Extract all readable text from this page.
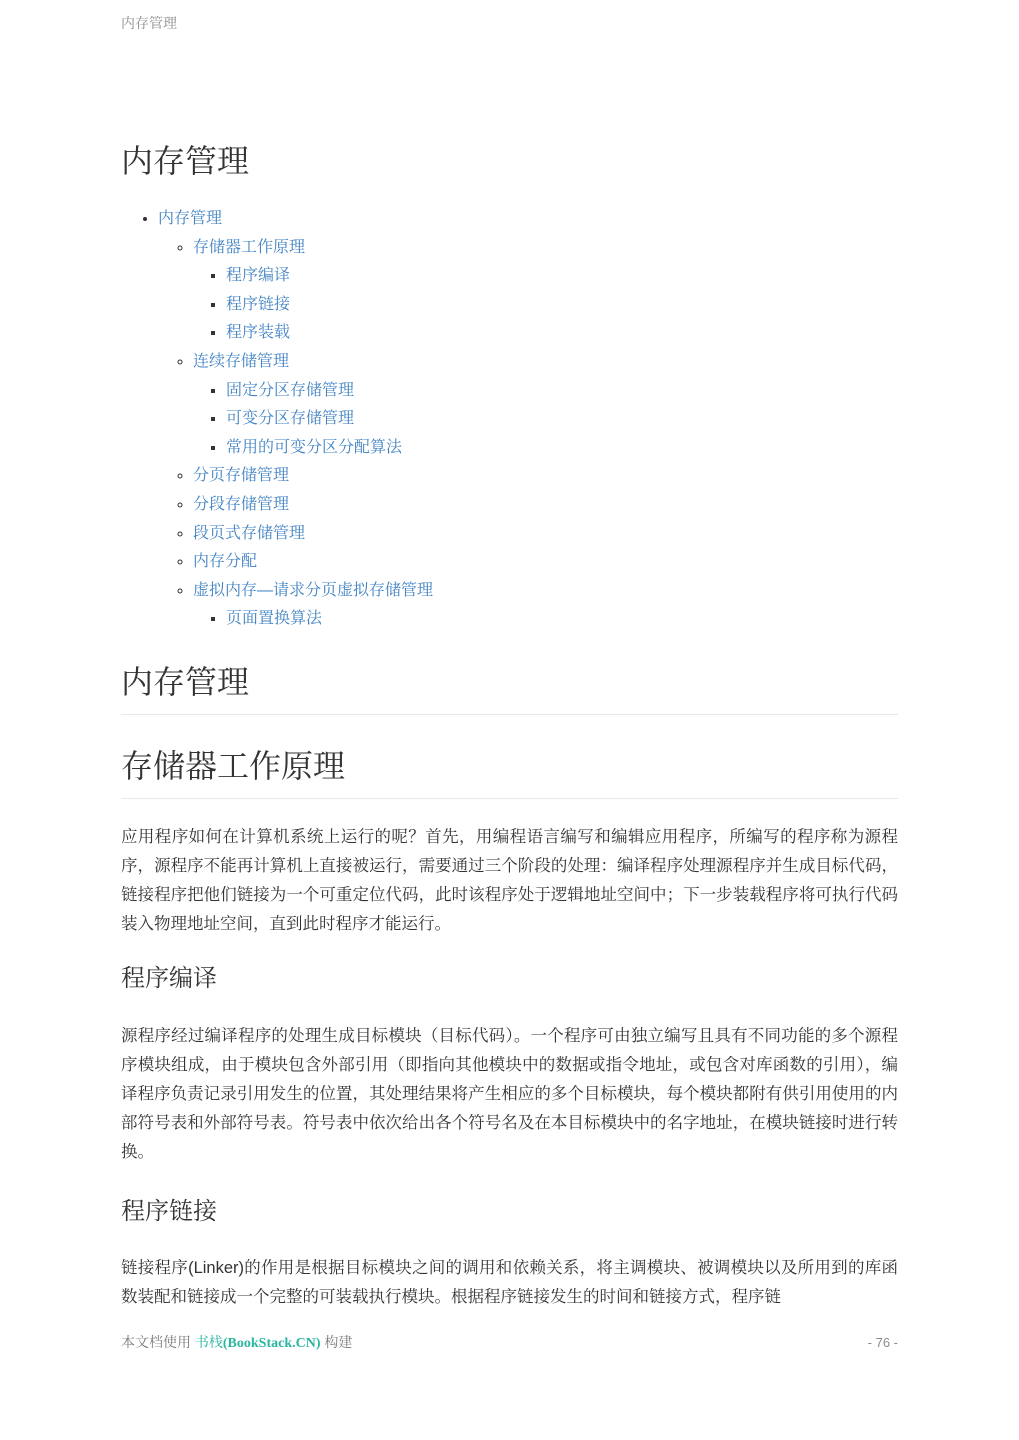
内存管理
内存管理
• 内存管理
◦ 存储器工作原理
▪ 程序编译
▪ 程序链接
▪ 程序装载
◦ 连续存储管理
▪ 固定分区存储管理
▪ 可变分区存储管理
▪ 常用的可变分区分配算法
◦ 分页存储管理
◦ 分段存储管理
◦ 段页式存储管理
◦ 内存分配
◦ 虚拟内存—请求分页虚拟存储管理
▪ 页面置换算法
内存管理
存储器工作原理

应用程序如何在计算机系统上运行的呢？首先，用编程语言编写和编辑应用程序，所编写的程序称为源程序，源程序不能再计算机上直接被运行，需要通过三个阶段的处理：编译程序处理源程序并生成目标代码，链接程序把他们链接为一个可重定位代码，此时该程序处于逻辑地址空间中；下一步装载程序将可执行代码装入物理地址空间，直到此时程序才能运行。

程序编译

源程序经过编译程序的处理生成目标模块（目标代码）。一个程序可由独立编写且具有不同功能的多个源程序模块组成，由于模块包含外部引用（即指向其他模块中的数据或指令地址，或包含对库函数的引用），编译程序负责记录引用发生的位置，其处理结果将产生相应的多个目标模块，每个模块都附有供引用使用的内部符号表和外部符号表。符号表中依次给出各个符号名及在本目标模块中的名字地址，在模块链接时进行转换。

程序链接

链接程序(Linker)的作用是根据目标模块之间的调用和依赖关系，将主调模块、被调模块以及所用到的库函数装配和链接成一个完整的可装载执行模块。根据程序链接发生的时间和链接方式，程序链

本文档使用 书栈(BookStack.CN) 构建	- 76 -
